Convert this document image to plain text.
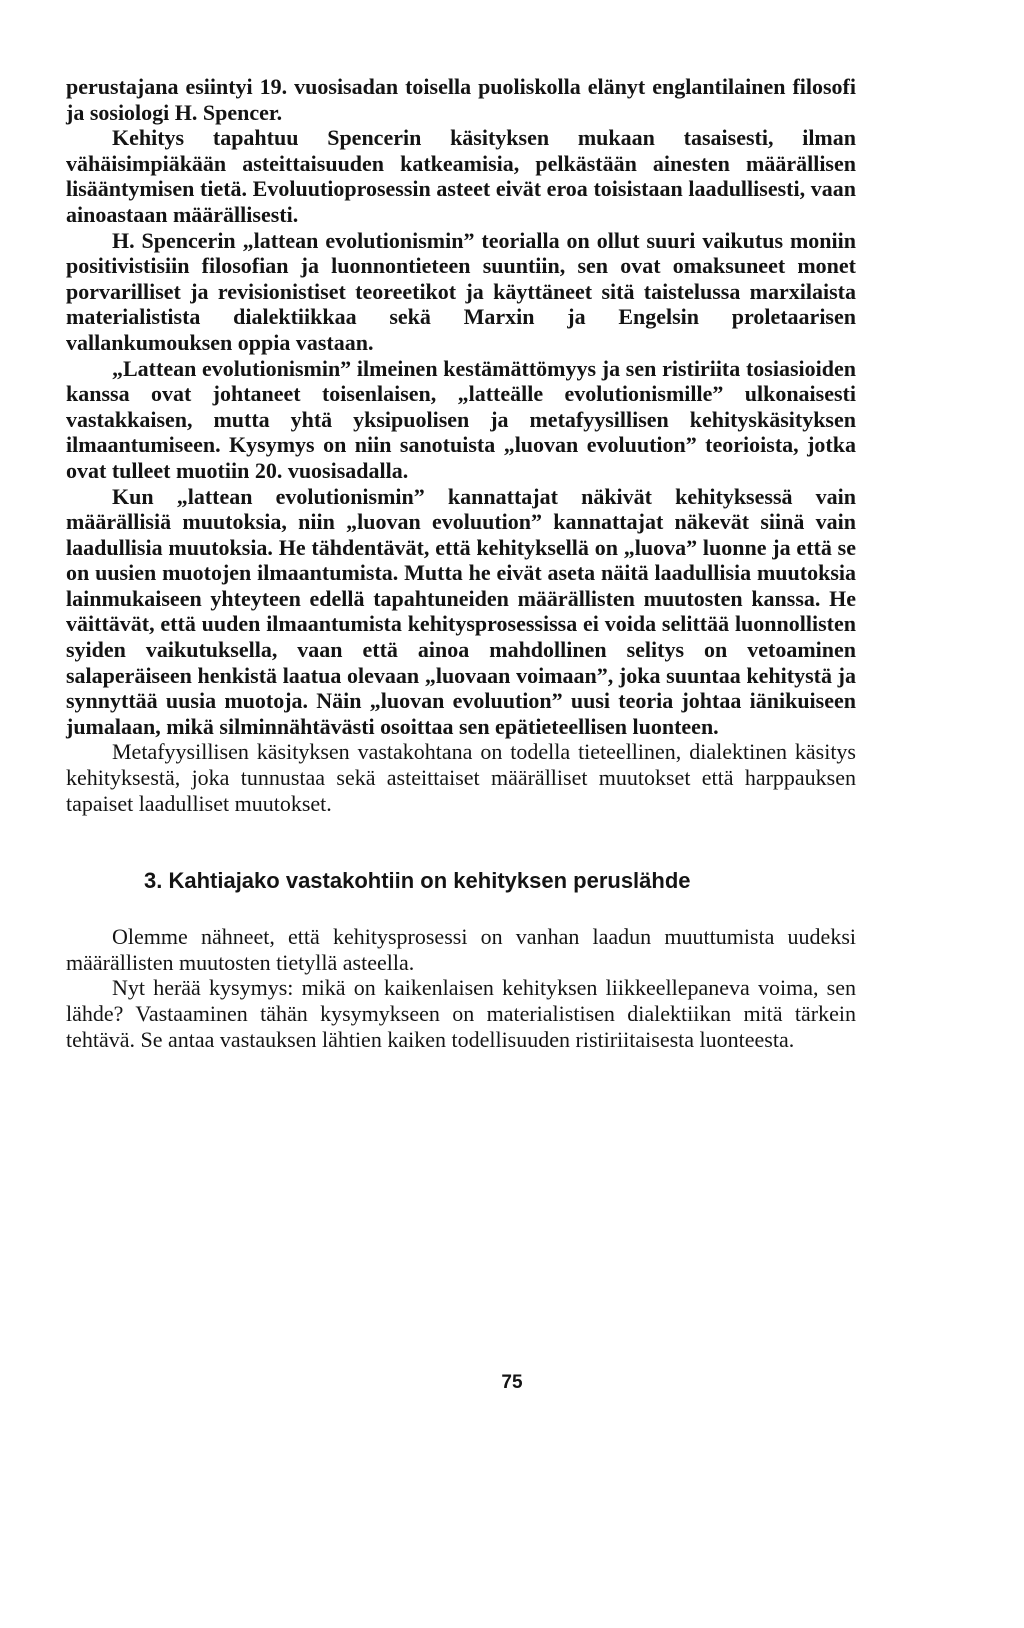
perustajana esiintyi 19. vuosisadan toisella puoliskolla elänyt englantilainen filosofi ja sosiologi H. Spencer.

Kehitys tapahtuu Spencerin käsityksen mukaan tasaisesti, ilman vähäisimpiäkään asteittaisuuden katkeamisia, pelkästään ainesten määrällisen lisääntymisen tietä. Evoluutioprosessin asteet eivät eroa toisistaan laadullisesti, vaan ainoastaan määrällisesti.

H. Spencerin „lattean evolutionismin” teorialla on ollut suuri vaikutus moniin positivistisiin filosofian ja luonnontieteen suuntiin, sen ovat omaksuneet monet porvarilliset ja revisionistiset teoreetikot ja käyttäneet sitä taistelussa marxilaista materialistista dialektiikkaa sekä Marxin ja Engelsin proletaarisen vallankumouksen oppia vastaan.

„Lattean evolutionismin” ilmeinen kestämättömyys ja sen ristiriita tosiasioiden kanssa ovat johtaneet toisenlaisen, „latteälle evolutionismille” ulkonaisesti vastakkaisen, mutta yhtä yksipuolisen ja metafyysillisen kehityskäsityksen ilmaantumiseen. Kysymys on niin sanotuista „luovan evoluution” teorioista, jotka ovat tulleet muotiin 20. vuosisadalla.

Kun „lattean evolutionismin” kannattajat näkivät kehityksessä vain määrällisiä muutoksia, niin „luovan evoluution” kannattajat näkevät siinä vain laadullisia muutoksia. He tähdentävät, että kehityksellä on „luova” luonne ja että se on uusien muotojen ilmaantumista. Mutta he eivät aseta näitä laadullisia muutoksia lainmukaiseen yhteyteen edellä tapahtuneiden määrällisten muutosten kanssa. He väittävät, että uuden ilmaantumista kehitysprosessissa ei voida selittää luonnollisten syiden vaikutuksella, vaan että ainoa mahdollinen selitys on vetoaminen salaperäiseen henkistä laatua olevaan „luovaan voimaan”, joka suuntaa kehitystä ja synnyttää uusia muotoja. Näin „luovan evoluution” uusi teoria johtaa iänikuiseen jumalaan, mikä silminnähtävästi osoittaa sen epätieteellisen luonteen.

Metafyysillisen käsityksen vastakohtana on todella tieteellinen, dialektinen käsitys kehityksestä, joka tunnustaa sekä asteittaiset määrälliset muutokset että harppauksen tapaiset laadulliset muutokset.

3. Kahtiajako vastakohtiin on kehityksen peruslähde

Olemme nähneet, että kehitysprosessi on vanhan laadun muuttumista uudeksi määrällisten muutosten tietyllä asteella.

Nyt herää kysymys: mikä on kaikenlaisen kehityksen liikkeellepaneva voima, sen lähde? Vastaaminen tähän kysymykseen on materialistisen dialektiikan mitä tärkein tehtävä. Se antaa vastauksen lähtien kaiken todellisuuden ristiriitaisesta luonteesta.

75
